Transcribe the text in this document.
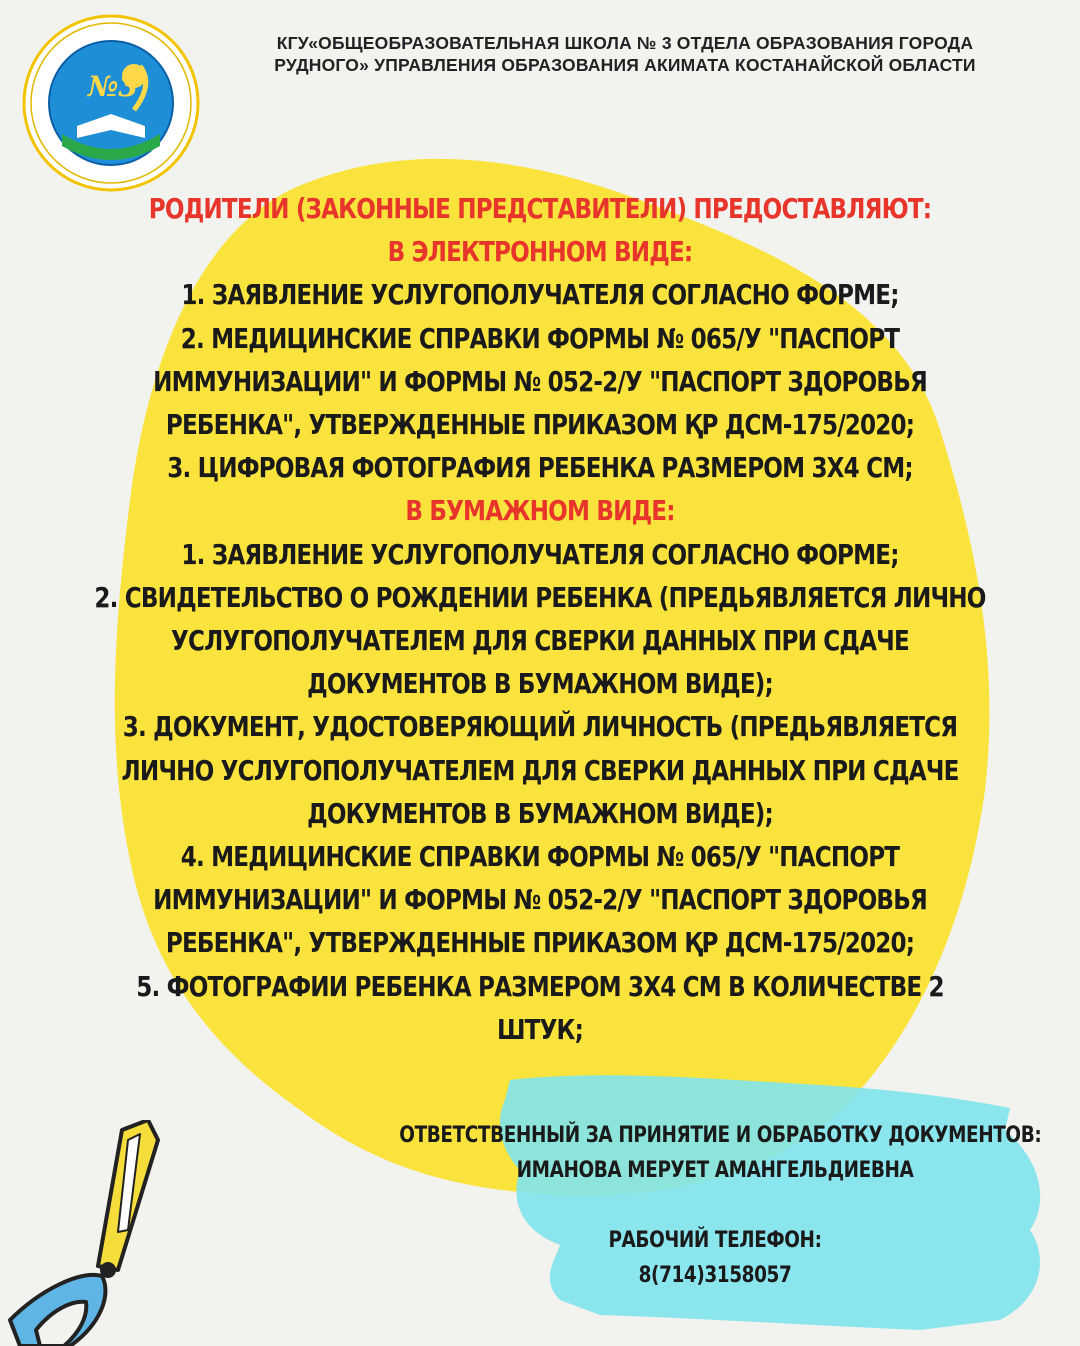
№3
КГУ«ОБЩЕОБРАЗОВАТЕЛЬНАЯ ШКОЛА № 3 ОТДЕЛА ОБРАЗОВАНИЯ ГОРОДА
РУДНОГО» УПРАВЛЕНИЯ ОБРАЗОВАНИЯ АКИМАТА КОСТАНАЙСКОЙ ОБЛАСТИ
РОДИТЕЛИ (ЗАКОННЫЕ ПРЕДСТАВИТЕЛИ) ПРЕДОСТАВЛЯЮТ:
В ЭЛЕКТРОННОМ ВИДЕ:
1. ЗАЯВЛЕНИЕ УСЛУГОПОЛУЧАТЕЛЯ СОГЛАСНО ФОРМЕ;
2. МЕДИЦИНСКИЕ СПРАВКИ ФОРМЫ № 065/У "ПАСПОРТ
ИММУНИЗАЦИИ" И ФОРМЫ № 052-2/У "ПАСПОРТ ЗДОРОВЬЯ
РЕБЕНКА", УТВЕРЖДЕННЫЕ ПРИКАЗОМ ҚР ДСМ-175/2020;
3. ЦИФРОВАЯ ФОТОГРАФИЯ РЕБЕНКА РАЗМЕРОМ 3Х4 СМ;
В БУМАЖНОМ ВИДЕ:
1. ЗАЯВЛЕНИЕ УСЛУГОПОЛУЧАТЕЛЯ СОГЛАСНО ФОРМЕ;
2. СВИДЕТЕЛЬСТВО О РОЖДЕНИИ РЕБЕНКА (ПРЕДЬЯВЛЯЕТСЯ ЛИЧНО
УСЛУГОПОЛУЧАТЕЛЕМ ДЛЯ СВЕРКИ ДАННЫХ ПРИ СДАЧЕ
ДОКУМЕНТОВ В БУМАЖНОМ ВИДЕ);
3. ДОКУМЕНТ, УДОСТОВЕРЯЮЩИЙ ЛИЧНОСТЬ (ПРЕДЬЯВЛЯЕТСЯ
ЛИЧНО УСЛУГОПОЛУЧАТЕЛЕМ ДЛЯ СВЕРКИ ДАННЫХ ПРИ СДАЧЕ
ДОКУМЕНТОВ В БУМАЖНОМ ВИДЕ);
4. МЕДИЦИНСКИЕ СПРАВКИ ФОРМЫ № 065/У "ПАСПОРТ
ИММУНИЗАЦИИ" И ФОРМЫ № 052-2/У "ПАСПОРТ ЗДОРОВЬЯ
РЕБЕНКА", УТВЕРЖДЕННЫЕ ПРИКАЗОМ ҚР ДСМ-175/2020;
5. ФОТОГРАФИИ РЕБЕНКА РАЗМЕРОМ 3Х4 СМ В КОЛИЧЕСТВЕ 2
ШТУК;
ОТВЕТСТВЕННЫЙ ЗА ПРИНЯТИЕ И ОБРАБОТКУ ДОКУМЕНТОВ:
ИМАНОВА МЕРУЕТ АМАНГЕЛЬДИЕВНА
РАБОЧИЙ ТЕЛЕФОН:
8(714)3158057
